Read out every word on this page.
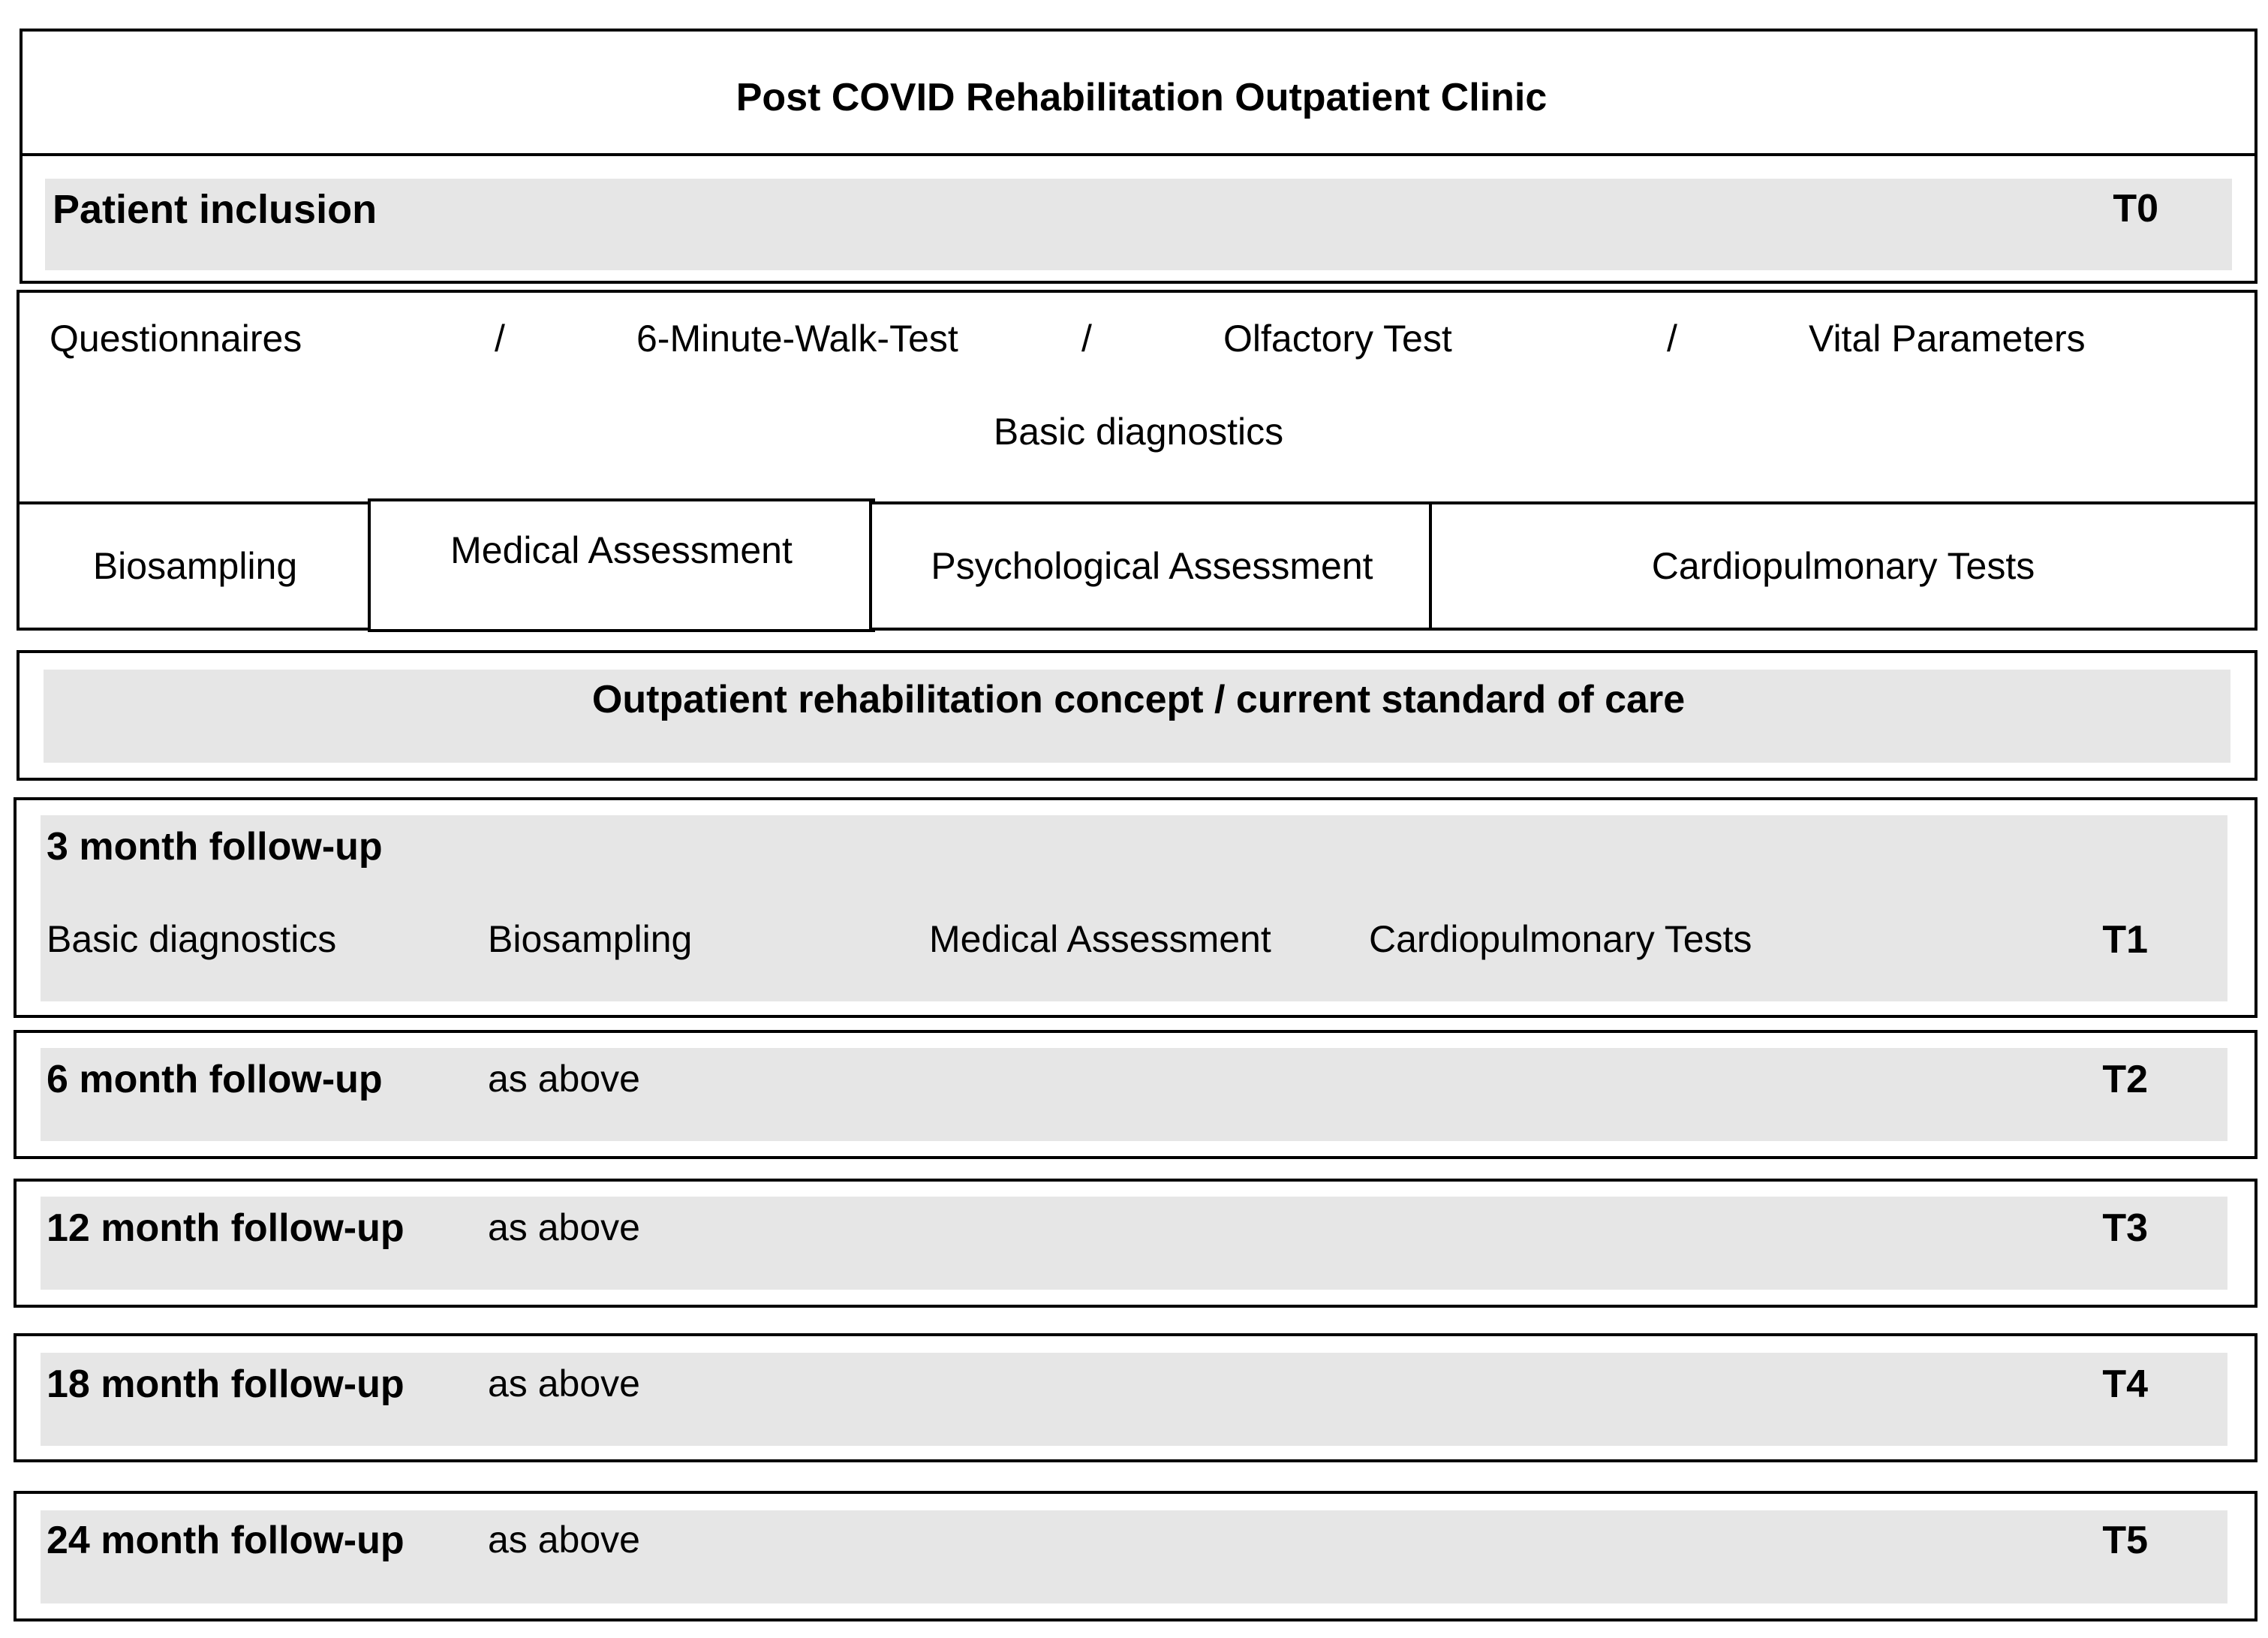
Post COVID Rehabilitation Outpatient Clinic
Patient inclusion	T0
Questionnaires	/	6-Minute-Walk-Test	/	Olfactory Test	/	Vital Parameters
Basic diagnostics
Biosampling	Medical Assessment	Psychological Assessment	Cardiopulmonary Tests
Outpatient rehabilitation concept / current standard of care
3 month follow-up
Basic diagnostics	Biosampling	Medical Assessment	Cardiopulmonary Tests	T1
6 month follow-up	as above	T2
12 month follow-up as above	T3
18 month follow-up as above	T4
24 month follow-up as above	T5
